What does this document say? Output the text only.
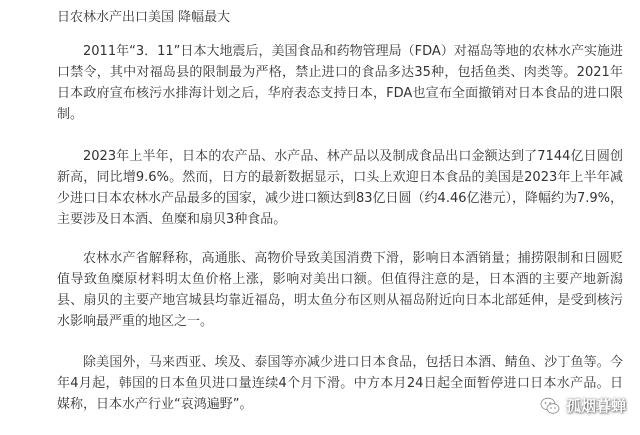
日农林水产出口美国 降幅最大

2011年“3．11”日本大地震后，美国食品和药物管理局（FDA）对福岛等地的农林水产实施进口禁令，其中对福岛县的限制最为严格，禁止进口的食品多达35种，包括鱼类、肉类等。2021年日本政府宣布核污水排海计划之后，华府表态支持日本，FDA也宣布全面撤销对日本食品的进口限制。

2023年上半年，日本的农产品、水产品、林产品以及制成食品出口金额达到了7144亿日圆创新高，同比增9.6%。然而，日方的最新数据显示，口头上欢迎日本食品的美国是2023年上半年减少进口日本农林水产品最多的国家，减少进口额达到83亿日圆（约4.46亿港元），降幅约为7.9%，主要涉及日本酒、鱼糜和扇贝3种食品。

农林水产省解释称，高通胀、高物价导致美国消费下滑，影响日本酒销量；捕捞限制和日圆贬值导致鱼糜原材料明太鱼价格上涨，影响对美出口额。但值得注意的是，日本酒的主要产地新潟县、扇贝的主要产地宫城县均靠近福岛，明太鱼分布区则从福岛附近向日本北部延伸，是受到核污水影响最严重的地区之一。

除美国外，马来西亚、埃及、泰国等亦减少进口日本食品，包括日本酒、鲭鱼、沙丁鱼等。今年4月起，韩国的日本鱼贝进口量连续4个月下滑。中方本月24日起全面暂停进口日本水产品。日媒称，日本水产行业“哀鸿遍野”。	孤烟暮蝉
